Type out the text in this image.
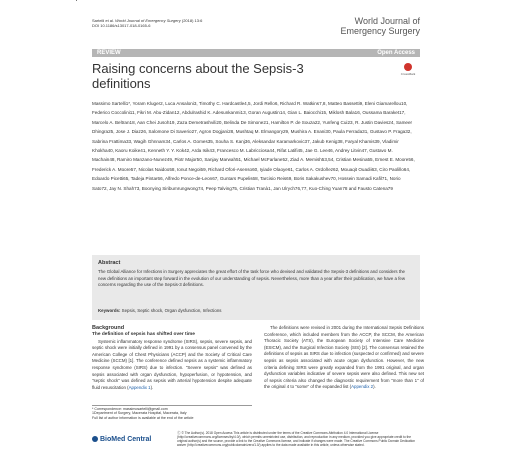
Sartelli et al. World Journal of Emergency Surgery (2018) 13:6
DOI 10.1186/s13017-018-0165-6	World Journal of
Emergency Surgery
REVIEW	Open Access
Raising concerns about the Sepsis-3 definitions
CrossMark
Massimo Sartelli1*, Yoram Kluger2, Luca Ansaloni3, Timothy C. Hardcastle4,5, Jordi Rello6, Richard R. Watkins7,8, Matteo Bassetti9, Eleni Giamarellou10, Federico Coccolini11, Fikri M. Abu-Zidan12, Abdulrashid K. Adesunkanmi13, Goran Augustin14, Gian L. Baiocchi15, Miklosh Bala16, Oussama Baraket17, Marcelo A. Beltran18, Aan Chei Jusoh19, Zaza Demetrashvili20, Belinda De Simone21, Hamilton P. de Souza22, Yunfeng Cui23, R. Justin Davies24, Sameer Dhingra25, Jose J. Diaz26, Salomone Di Saverio27, Agron Dogjani28, Mushtaq M. Elmangory29, Mushira A. Enani30, Paula Ferrada31, Gustavo P. Fraga32, Sabrina Frattima33, Wagih Ghnnam34, Carlos A. Gomes35, Souha S. Kanj36, Aleksandar Karamarkovic37, Jakub Kenig38, Faryal Khamis39, Vladimir Khokha40, Kaoru Koike41, Kenneth Y. Y. Kok42, Arda Isik43, Francesco M. Labricciosa44, Rifat Latifi45, Jae G. Lee46, Andrey Litvin47, Gustavo M. Machain48, Ramiro Manzano-Nunez49, Piotr Major50, Sanjay Marwah51, Michael McFarlane52, Ziad A. Memish53,54, Cristian Mesina55, Ernest E. Moore56, Frederick A. Moore57, Nicolas Naidoo58, Ionut Negoi59, Richard Ofori-Asenso60, Iyiade Olaoye61, Carlos A. Ordoñez62, Mouaqit Ouadii63, Ciro Paolillo64, Edoardo Picetti65, Tadeja Pintar66, Alfredo Ponce-de-Leon67, Guntars Pupelis68, Tarcisio Reis69, Boris Sakakushev70, Hossein Samadi Kafil71, Norio Sato72, Jay N. Shah73, Boonying Siribumrungwong74, Peep Talving75, Cristian Tranà1, Jan Ulrych76,77, Kuo-Ching Yuan78 and Fausto Catena79
Abstract
The Global Alliance for Infections in Surgery appreciates the great effort of the task force who devised and validated the Sepsis-3 definitions and considers the new definitions an important step forward in the evolution of our understanding of sepsis. Nevertheless, more than a year after their publication, we have a few concerns regarding the use of the Sepsis-3 definitions.
Keywords: Sepsis, Septic shock, Organ dysfunction, Infections
Background
The definition of sepsis has shifted over time

Systemic inflammatory response syndrome (SIRS), sepsis, severe sepsis, and septic shock were initially defined in 1991 by a consensus panel convened by the American College of Chest Physicians (ACCP) and the Society of Critical Care Medicine (SCCM) [1]. The conference defined sepsis as a systemic inflammatory response syndrome (SIRS) due to infection. "Severe sepsis" was defined as sepsis associated with organ dysfunction, hypoperfusion, or hypotension, and "septic shock" was defined as sepsis with arterial hypotension despite adequate fluid resuscitation (Appendix 1).

The definitions were revised in 2001 during the International Sepsis Definitions Conference, which included members from the ACCP, the SCCM, the American Thoracic Society (ATS), the European Society of Intensive Care Medicine (ESICM), and the Surgical Infection Society (SIS) [2]. The consensus retained the definitions of sepsis as SIRS due to infection (suspected or confirmed) and severe sepsis as sepsis associated with acute organ dysfunction. However, the new criteria defining SIRS were greatly expanded from the 1991 original, and organ dysfunction variables indicative of severe sepsis were also defined. This new set of sepsis criteria also changed the diagnostic requirement from "more than 1" of the original 4 to "some" of the expanded list (Appendix 2).

* Correspondence: massimosartelli@gmail.com
1Department of Surgery, Macerata Hospital, Macerata, Italy
Full list of author information is available at the end of the article
BioMed Central
Ⓒ © The Author(s). 2018 Open Access This article is distributed under the terms of the Creative Commons Attribution 4.0 International License (http://creativecommons.org/licenses/by/4.0/), which permits unrestricted use, distribution, and reproduction in any medium, provided you give appropriate credit to the original author(s) and the source, provide a link to the Creative Commons license, and indicate if changes were made. The Creative Commons Public Domain Dedication waiver (http://creativecommons.org/publicdomain/zero/1.0/) applies to the data made available in this article, unless otherwise stated.
